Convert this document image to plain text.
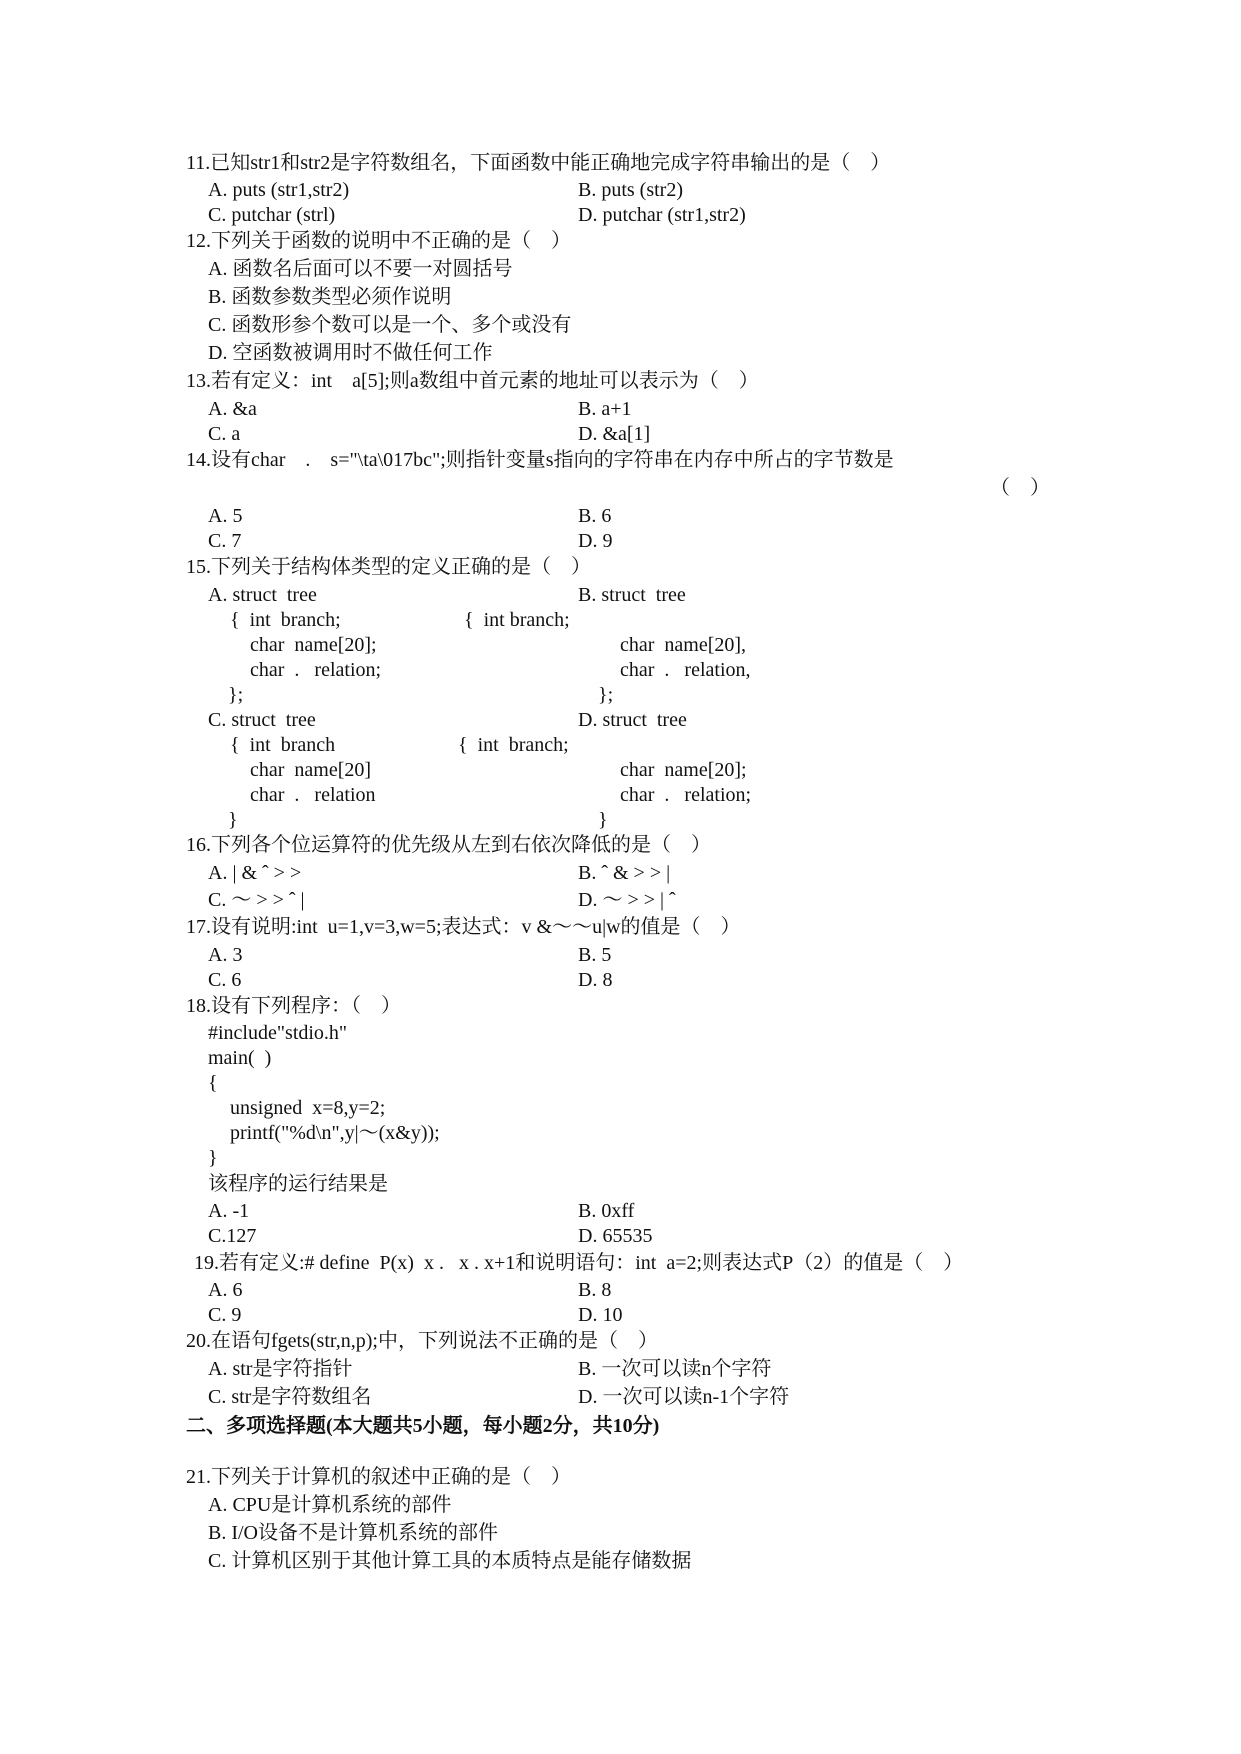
11.已知str1和str2是字符数组名，下面函数中能正确地完成字符串输出的是（　）
A. puts (str1,str2)	B. puts (str2)
C. putchar (strl)	D. putchar (str1,str2)
12.下列关于函数的说明中不正确的是（　）
A. 函数名后面可以不要一对圆括号
B. 函数参数类型必须作说明
C. 函数形参个数可以是一个、多个或没有
D. 空函数被调用时不做任何工作
13.若有定义：int　a[5];则a数组中首元素的地址可以表示为（　）
A. &a	B. a+1
C. a	D. &a[1]
14.设有char　.　s="\ta\017bc";则指针变量s指向的字符串在内存中所占的字节数是
（　）
A. 5	B. 6
C. 7	D. 9
15.下列关于结构体类型的定义正确的是（　）
A. struct  tree	B. struct  tree
{  int  branch;	{  int branch;
char  name[20];	char  name[20],
char  .   relation;	char  .   relation,
};	};
C. struct  tree	D. struct  tree
{  int  branch	{  int  branch;
char  name[20]	char  name[20];
char  .   relation	char  .   relation;
}	}
16.下列各个位运算符的优先级从左到右依次降低的是（　）
A. | & ˆ > >	B. ˆ & > > |
C. ～ > > ˆ |	D. ～ > > | ˆ
17.设有说明:int  u=1,v=3,w=5;表达式：v &～～u|w的值是（　）
A. 3	B. 5
C. 6	D. 8
18.设有下列程序：（　）
#include"stdio.h"
main(  )
{
unsigned  x=8,y=2;
printf("%d\n",y|～(x&y));
}
该程序的运行结果是
A. -1	B. 0xff
C.127	D. 65535
19.若有定义:# define  P(x)  x .   x . x+1和说明语句：int  a=2;则表达式P（2）的值是（　）
A. 6	B. 8
C. 9	D. 10
20.在语句fgets(str,n,p);中，下列说法不正确的是（　）
A. str是字符指针	B. 一次可以读n个字符
C. str是字符数组名	D. 一次可以读n-1个字符
二、多项选择题(本大题共5小题，每小题2分，共10分)
21.下列关于计算机的叙述中正确的是（　）
A. CPU是计算机系统的部件
B. I/O设备不是计算机系统的部件
C. 计算机区别于其他计算工具的本质特点是能存储数据
